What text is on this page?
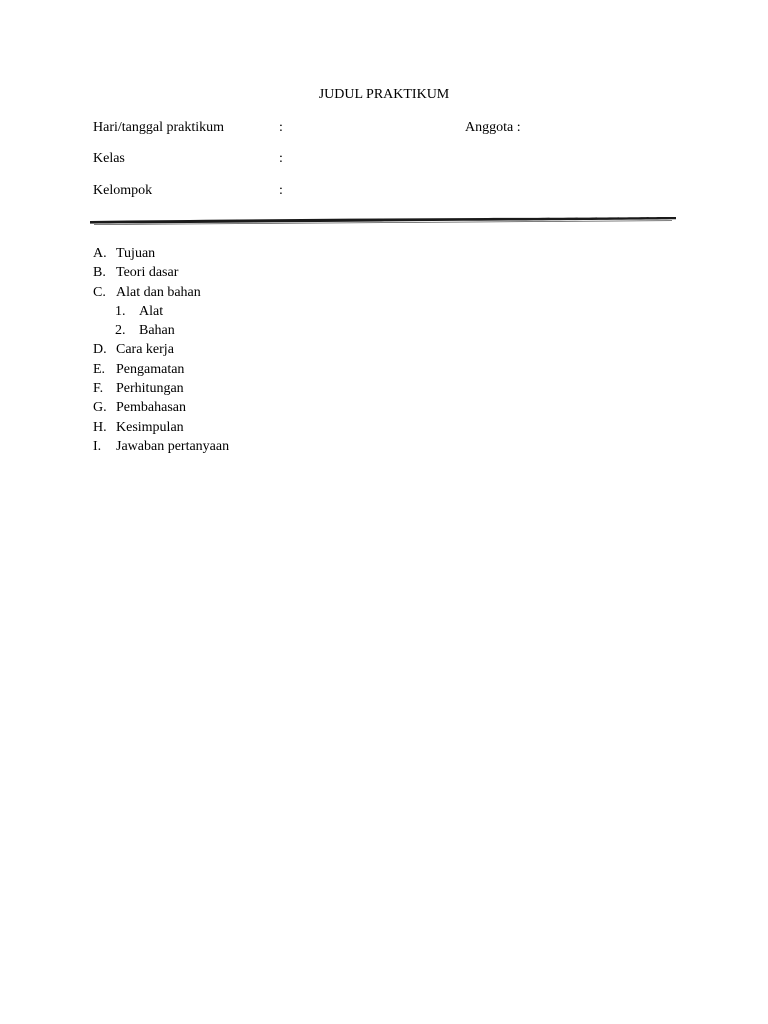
JUDUL PRAKTIKUM
Hari/tanggal praktikum	:	Anggota :
Kelas	:
Kelompok	:
A. Tujuan
B. Teori dasar
C. Alat dan bahan
1. Alat
2. Bahan
D. Cara kerja
E. Pengamatan
F. Perhitungan
G. Pembahasan
H. Kesimpulan
I. Jawaban pertanyaan
